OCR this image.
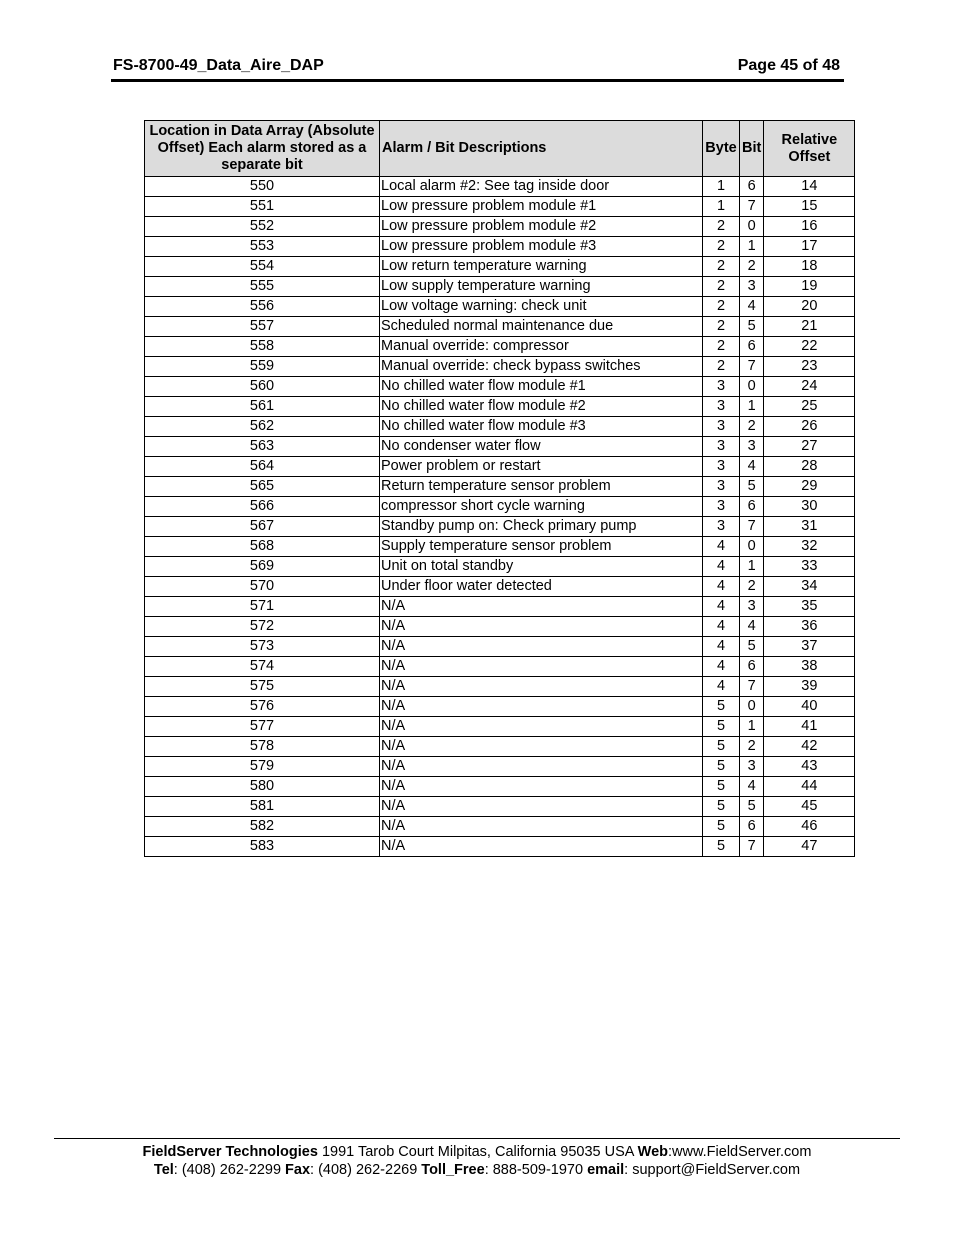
FS-8700-49_Data_Aire_DAP	Page 45 of 48
Location in Data Array (Absolute Offset) Each alarm stored as a separate bit	Alarm / Bit Descriptions	Byte	Bit	Relative Offset
550	Local alarm #2: See tag inside door	1	6	14
551	Low pressure problem module #1	1	7	15
552	Low pressure problem module #2	2	0	16
553	Low pressure problem module #3	2	1	17
554	Low return temperature warning	2	2	18
555	Low supply temperature warning	2	3	19
556	Low voltage warning: check unit	2	4	20
557	Scheduled normal maintenance due	2	5	21
558	Manual override: compressor	2	6	22
559	Manual override: check bypass switches	2	7	23
560	No chilled water flow module #1	3	0	24
561	No chilled water flow module #2	3	1	25
562	No chilled water flow module #3	3	2	26
563	No condenser water flow	3	3	27
564	Power problem or restart	3	4	28
565	Return temperature sensor problem	3	5	29
566	compressor short cycle warning	3	6	30
567	Standby pump on: Check primary pump	3	7	31
568	Supply temperature sensor problem	4	0	32
569	Unit on total standby	4	1	33
570	Under floor water detected	4	2	34
571	N/A	4	3	35
572	N/A	4	4	36
573	N/A	4	5	37
574	N/A	4	6	38
575	N/A	4	7	39
576	N/A	5	0	40
577	N/A	5	1	41
578	N/A	5	2	42
579	N/A	5	3	43
580	N/A	5	4	44
581	N/A	5	5	45
582	N/A	5	6	46
583	N/A	5	7	47
FieldServer Technologies 1991 Tarob Court Milpitas, California 95035 USA Web:www.FieldServer.com
Tel: (408) 262-2299 Fax: (408) 262-2269 Toll_Free: 888-509-1970 email: support@FieldServer.com
